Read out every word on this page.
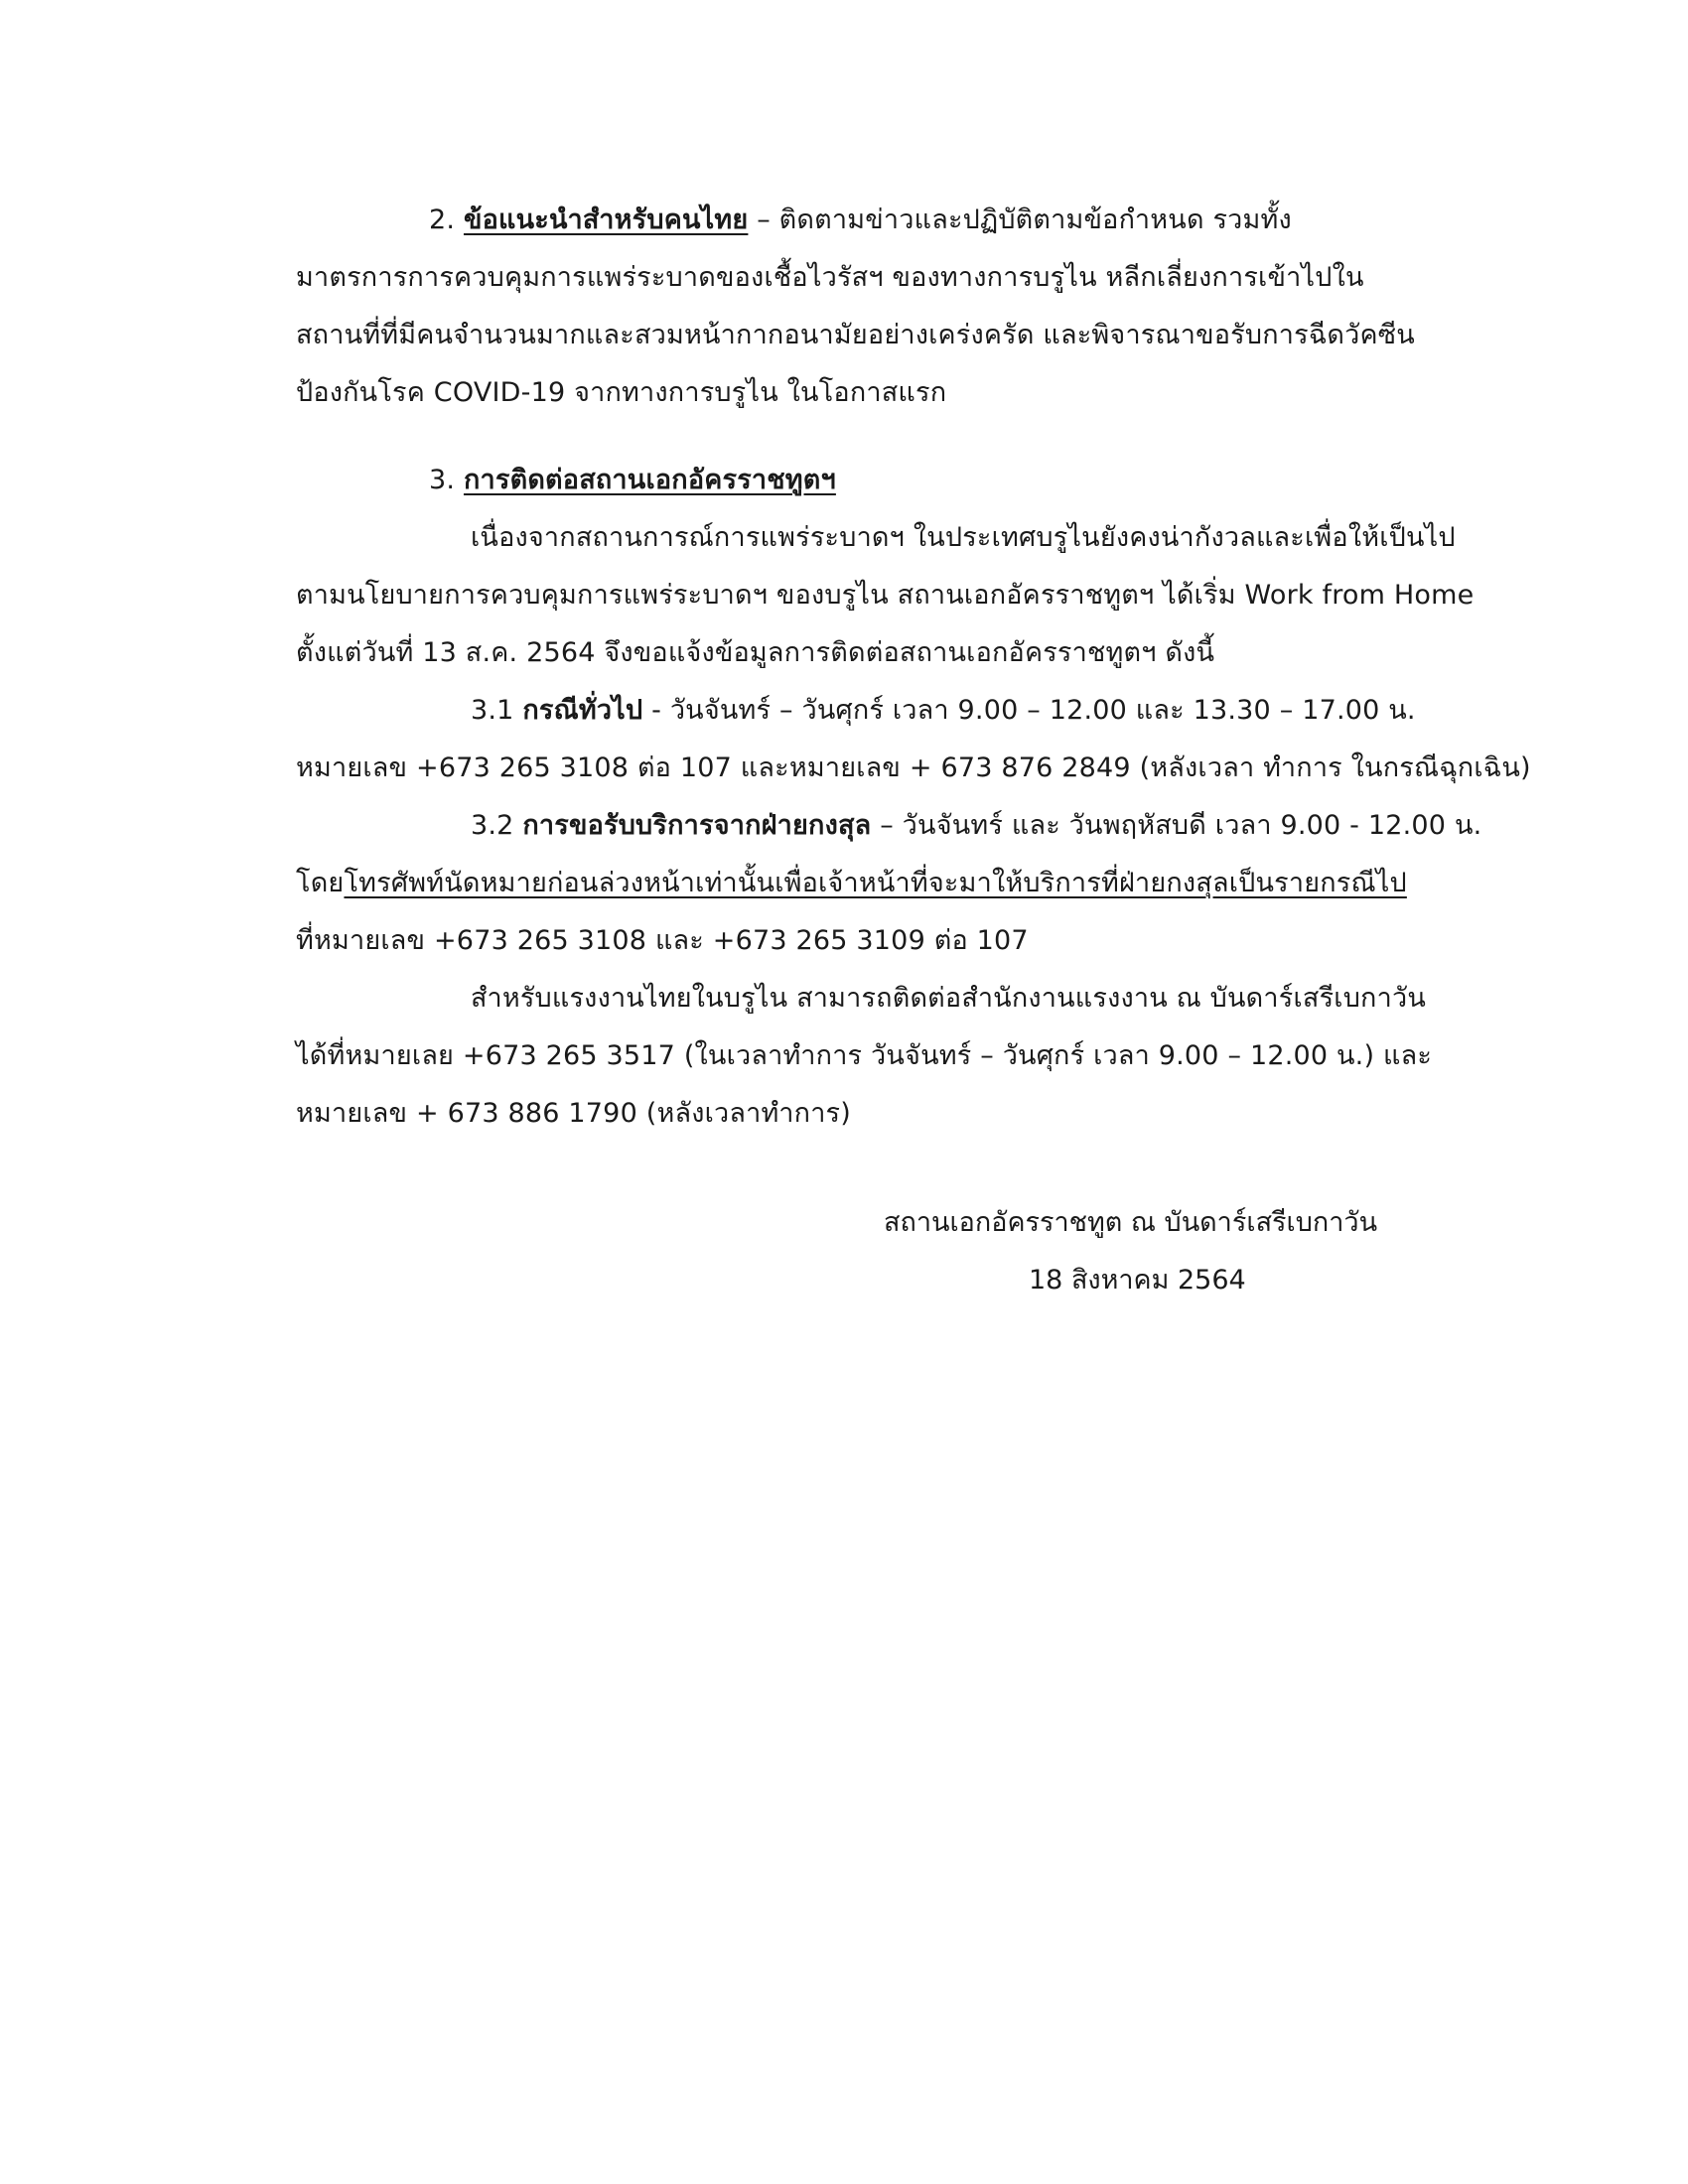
2. ข้อแนะนำสำหรับคนไทย – ติดตามข่าวและปฏิบัติตามข้อกำหนด รวมทั้ง
มาตรการการควบคุมการแพร่ระบาดของเชื้อไวรัสฯ ของทางการบรูไน หลีกเลี่ยงการเข้าไปใน
สถานที่ที่มีคนจำนวนมากและสวมหน้ากากอนามัยอย่างเคร่งครัด และพิจารณาขอรับการฉีดวัคซีน
ป้องกันโรค COVID-19 จากทางการบรูไน ในโอกาสแรก
3. การติดต่อสถานเอกอัครราชทูตฯ
เนื่องจากสถานการณ์การแพร่ระบาดฯ ในประเทศบรูไนยังคงน่ากังวลและเพื่อให้เป็นไป
ตามนโยบายการควบคุมการแพร่ระบาดฯ ของบรูไน สถานเอกอัครราชทูตฯ ได้เริ่ม Work from Home
ตั้งแต่วันที่ 13 ส.ค. 2564 จึงขอแจ้งข้อมูลการติดต่อสถานเอกอัครราชทูตฯ ดังนี้
3.1 กรณีทั่วไป - วันจันทร์ – วันศุกร์ เวลา 9.00 – 12.00 และ 13.30 – 17.00 น.
หมายเลข +673 265 3108 ต่อ 107 และหมายเลข + 673 876 2849 (หลังเวลา ทำการ ในกรณีฉุกเฉิน)
3.2 การขอรับบริการจากฝ่ายกงสุล – วันจันทร์ และ วันพฤหัสบดี เวลา 9.00 - 12.00 น.
โดยโทรศัพท์นัดหมายก่อนล่วงหน้าเท่านั้นเพื่อเจ้าหน้าที่จะมาให้บริการที่ฝ่ายกงสุลเป็นรายกรณีไป
ที่หมายเลข +673 265 3108 และ +673 265 3109 ต่อ 107
สำหรับแรงงานไทยในบรูไน สามารถติดต่อสำนักงานแรงงาน ณ บันดาร์เสรีเบกาวัน
ได้ที่หมายเลย +673 265 3517 (ในเวลาทำการ วันจันทร์ – วันศุกร์ เวลา 9.00 – 12.00 น.) และ
หมายเลข + 673 886 1790 (หลังเวลาทำการ)
สถานเอกอัครราชทูต ณ บันดาร์เสรีเบกาวัน
18 สิงหาคม 2564
